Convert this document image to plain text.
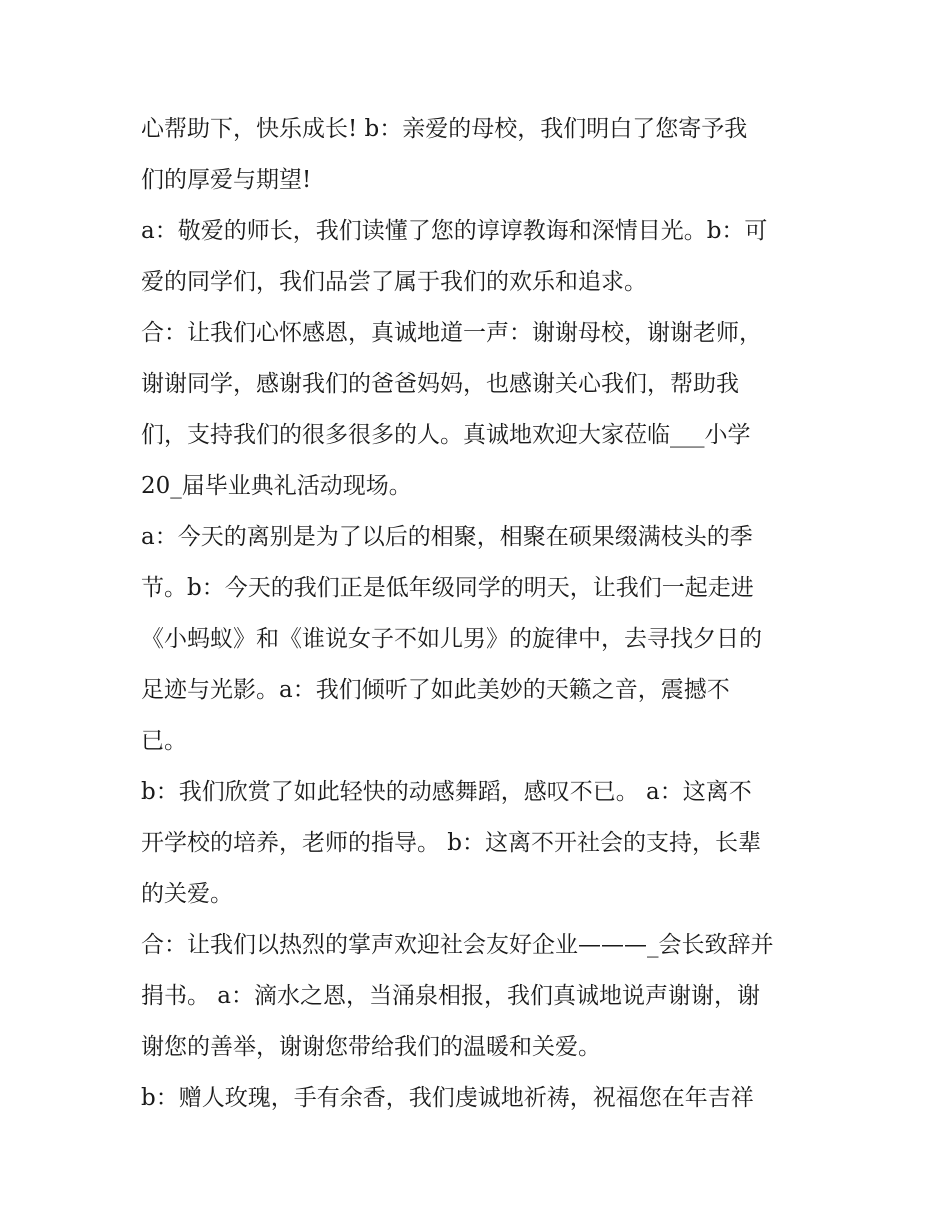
心帮助下，快乐成长! b：亲爱的母校，我们明白了您寄予我
们的厚爱与期望!
a：敬爱的师长，我们读懂了您的谆谆教诲和深情目光。b：可
爱的同学们，我们品尝了属于我们的欢乐和追求。
合：让我们心怀感恩，真诚地道一声：谢谢母校，谢谢老师，
谢谢同学，感谢我们的爸爸妈妈，也感谢关心我们，帮助我
们，支持我们的很多很多的人。真诚地欢迎大家莅临___小学
20_届毕业典礼活动现场。
a：今天的离别是为了以后的相聚，相聚在硕果缀满枝头的季
节。b：今天的我们正是低年级同学的明天，让我们一起走进
《小蚂蚁》和《谁说女子不如儿男》的旋律中，去寻找夕日的
足迹与光影。a：我们倾听了如此美妙的天籁之音，震撼不
已。
b：我们欣赏了如此轻快的动感舞蹈，感叹不已。 a：这离不
开学校的培养，老师的指导。 b：这离不开社会的支持，长辈
的关爱。
合：让我们以热烈的掌声欢迎社会友好企业———_会长致辞并
捐书。 a：滴水之恩，当涌泉相报，我们真诚地说声谢谢，谢
谢您的善举，谢谢您带给我们的温暖和关爱。
b：赠人玫瑰，手有余香，我们虔诚地祈祷，祝福您在年吉祥
